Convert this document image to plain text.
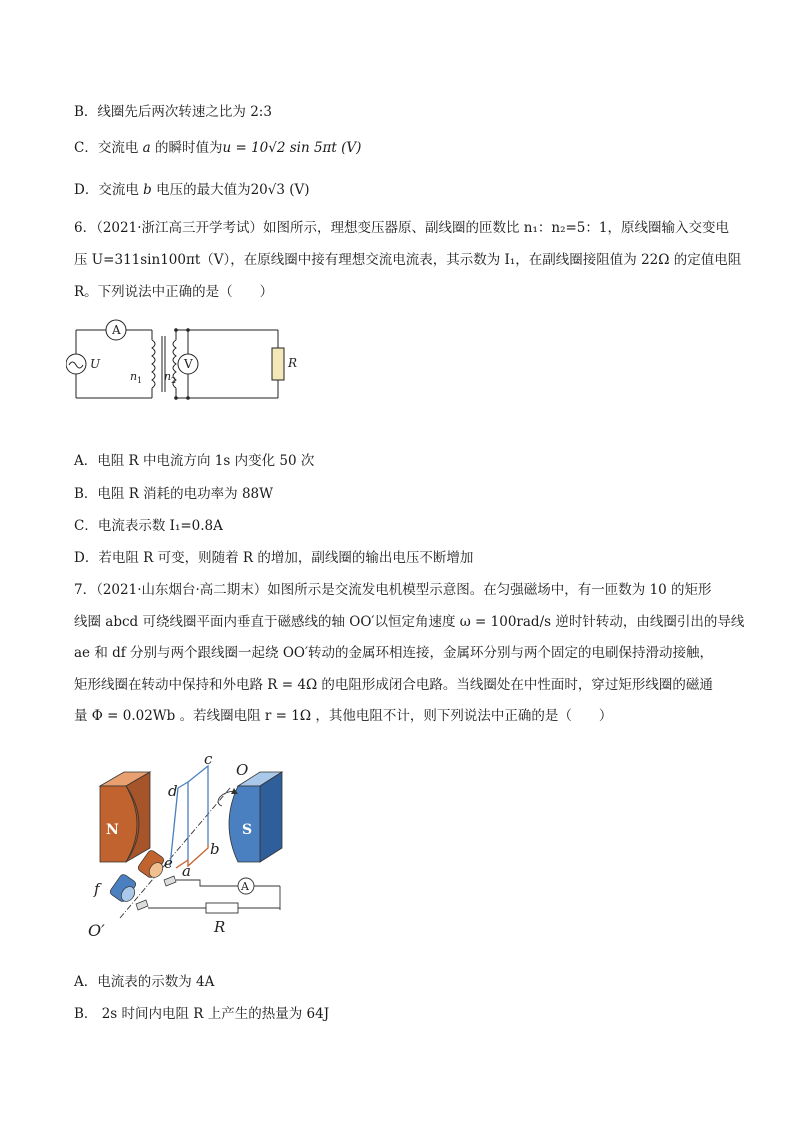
B．线圈先后两次转速之比为 2:3
C．交流电 a 的瞬时值为u = 10√2 sin 5πt (V)
D．交流电 b 电压的最大值为20√3 (V)
6．（2021·浙江高三开学考试）如图所示，理想变压器原、副线圈的匝数比 n₁：n₂=5：1，原线圈输入交变电
压 U=311sin100πt（V），在原线圈中接有理想交流电流表，其示数为 I₁，在副线圈接阻值为 22Ω 的定值电阻
R。下列说法中正确的是（　　）
A
V
U
n 1 n 2
R
A．电阻 R 中电流方向 1s 内变化 50 次
B．电阻 R 消耗的电功率为 88W
C．电流表示数 I₁=0.8A
D．若电阻 R 可变，则随着 R 的增加，副线圈的输出电压不断增加
7．（2021·山东烟台·高二期末）如图所示是交流发电机模型示意图。在匀强磁场中，有一匝数为 10 的矩形
线圈 abcd 可绕线圈平面内垂直于磁感线的轴 OO′以恒定角速度 ω = 100rad/s 逆时针转动，由线圈引出的导线
ae 和 df 分别与两个跟线圈一起绕 OO′转动的金属环相连接，金属环分别与两个固定的电刷保持滑动接触，
矩形线圈在转动中保持和外电路 R = 4Ω 的电阻形成闭合电路。当线圈处在中性面时，穿过矩形线圈的磁通
量 Φ = 0.02Wb 。若线圈电阻 r = 1Ω ，其他电阻不计，则下列说法中正确的是（　　）
c
O
d
N	S
b
e a
A
f
O′	R
A．电流表的示数为 4A
B． 2s 时间内电阻 R 上产生的热量为 64J
